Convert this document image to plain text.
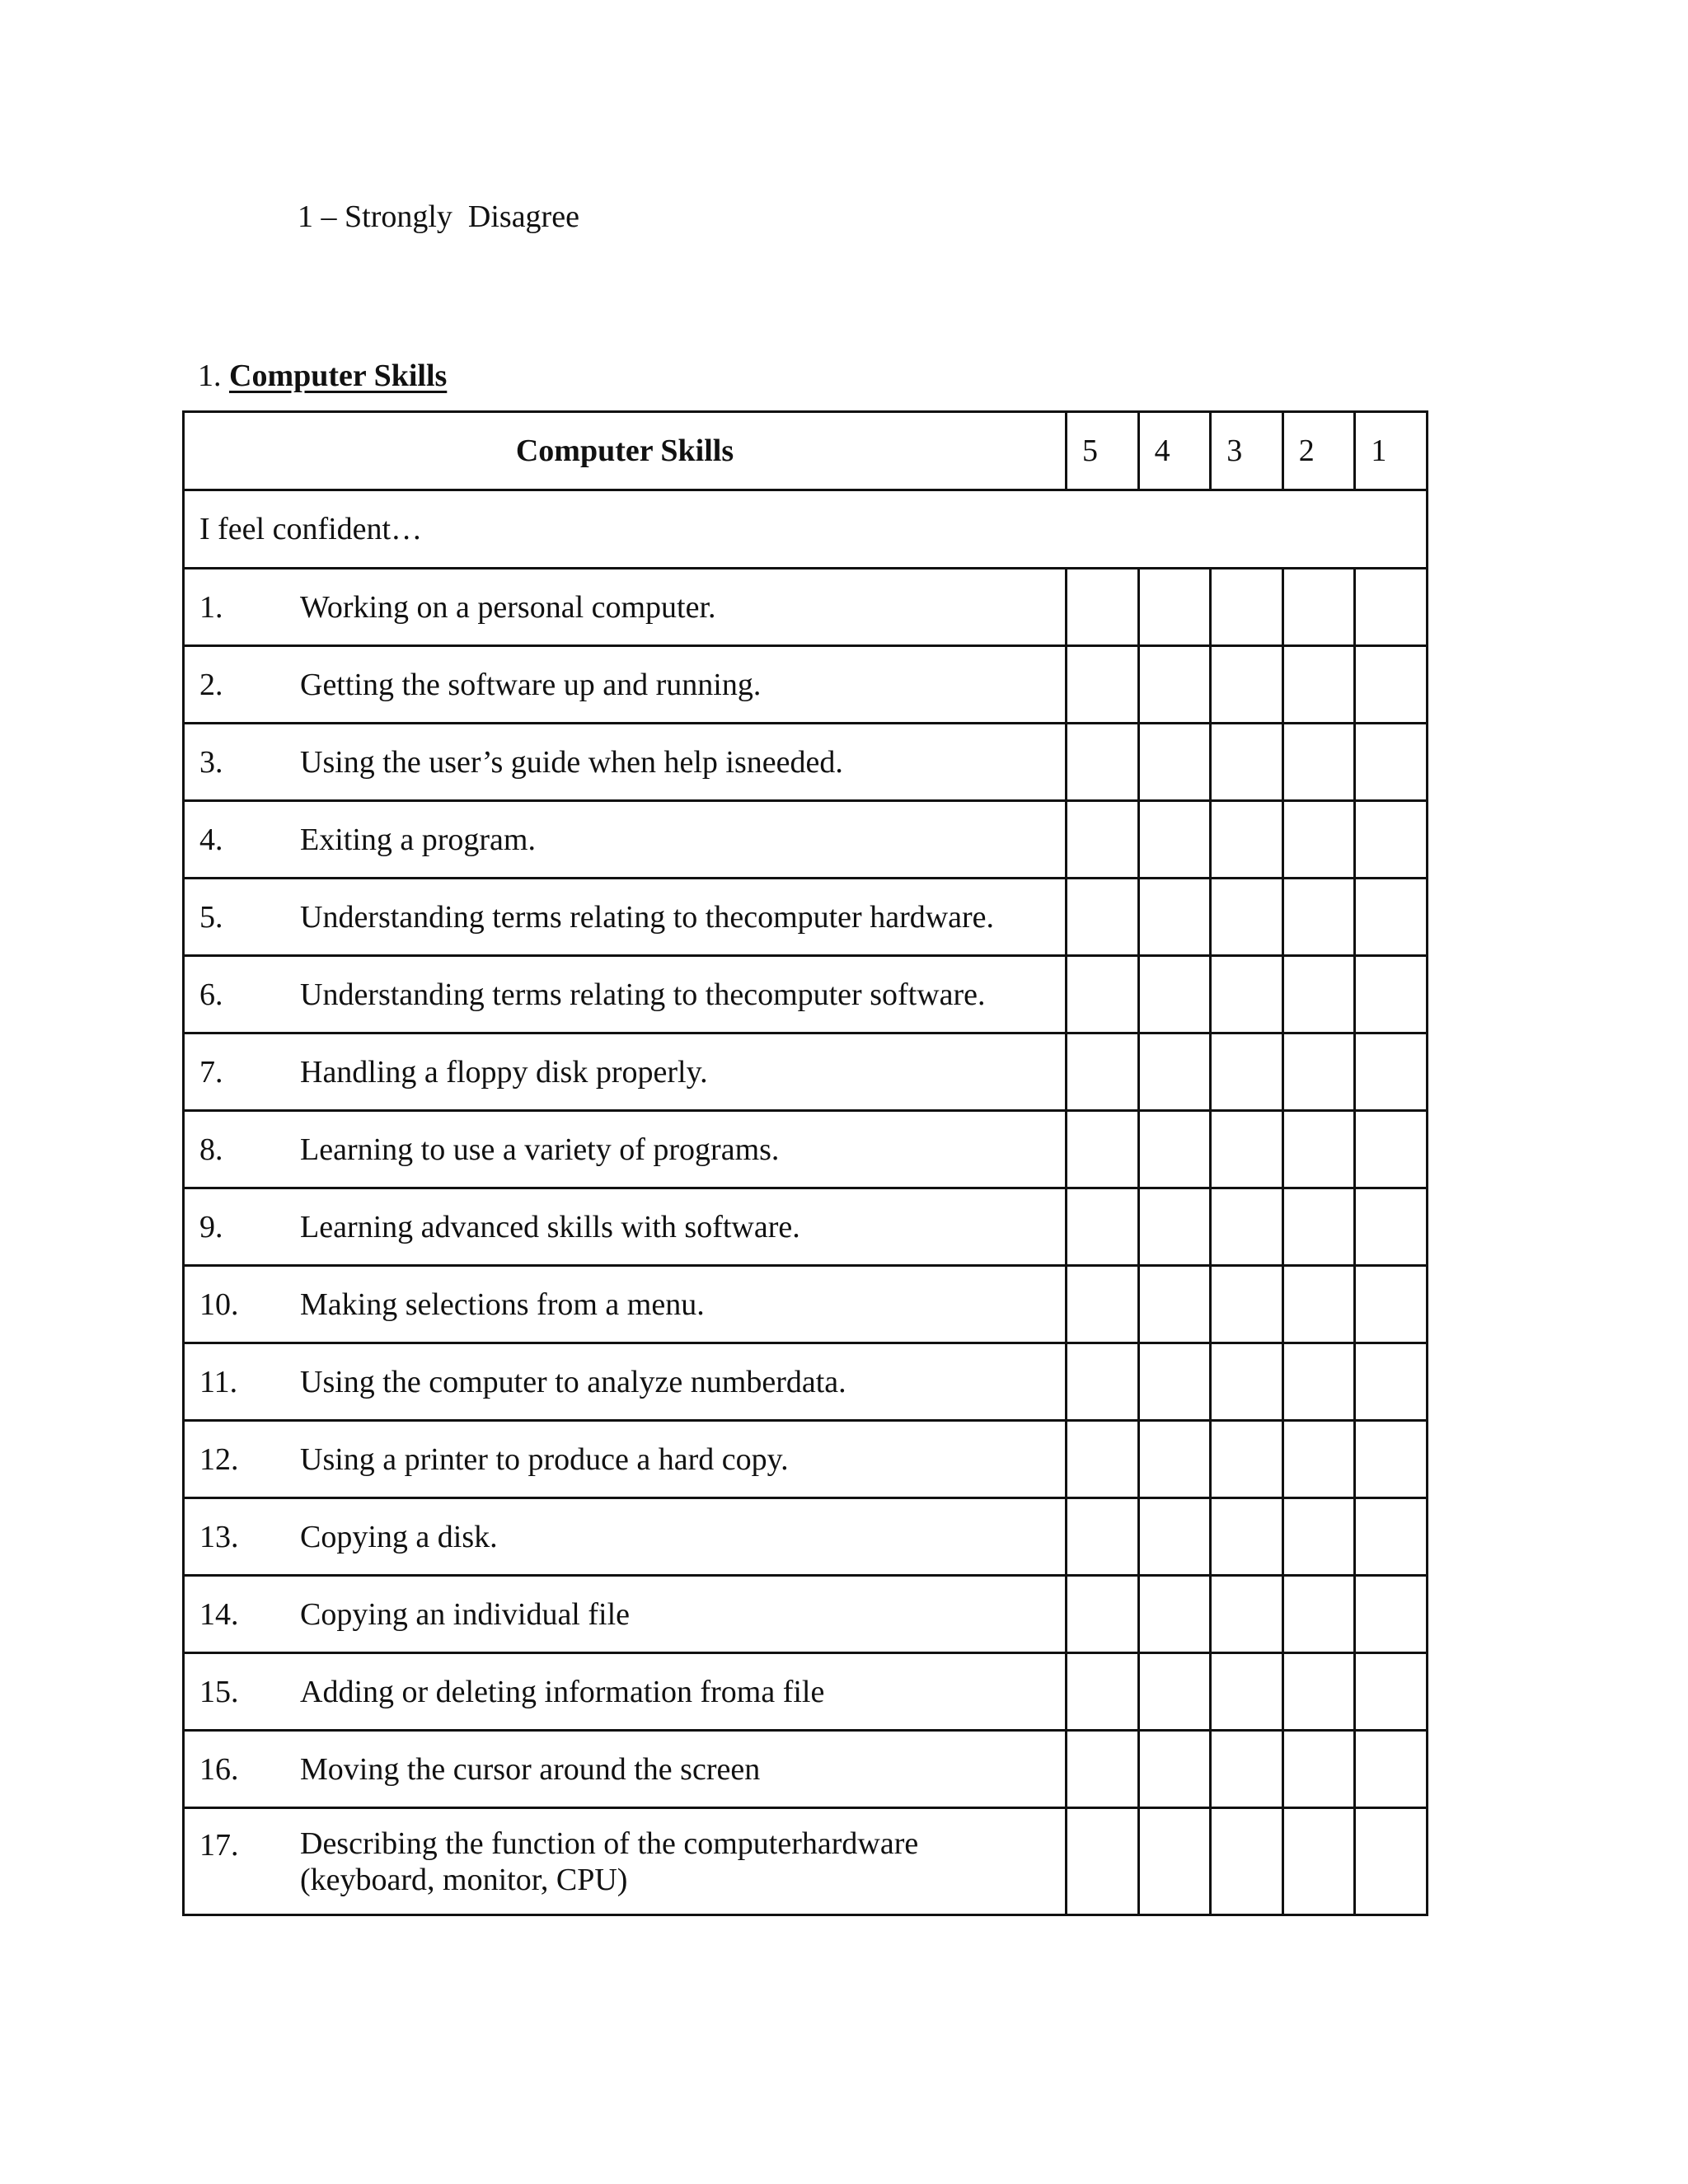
1 – Strongly  Disagree
1. Computer Skills
Computer Skills	5	4	3	2	1
I feel confident…					

1. Working on a personal computer.					

2. Getting the software up and running.					

3. Using the user’s guide when help isneeded.					

4. Exiting a program.					

5. Understanding terms relating to thecomputer hardware.					

6. Understanding terms relating to thecomputer software.					

7. Handling a floppy disk properly.					

8. Learning to use a variety of programs.					

9. Learning advanced skills with software.					

10. Making selections from a menu.					

11. Using the computer to analyze numberdata.					

12. Using a printer to produce a hard copy.					

13. Copying a disk.					

14. Copying an individual file					

15. Adding or deleting information froma file					

16. Moving the cursor around the screen					

17. Describing the function of the computerhardware
(keyboard, monitor, CPU)					
